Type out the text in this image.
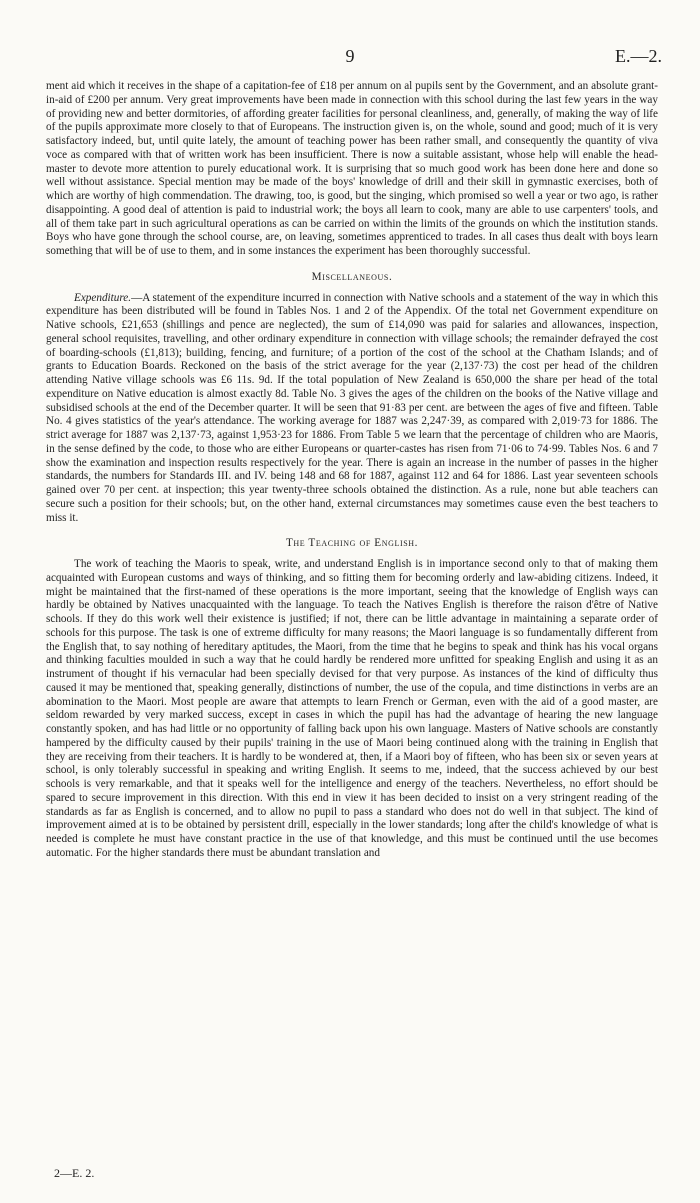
9	E.—2.

ment aid which it receives in the shape of a capitation-fee of £18 per annum on al pupils sent by the Government, and an absolute grant-in-aid of £200 per annum. Very great improvements have been made in connection with this school during the last few years in the way of providing new and better dormitories, of affording greater facilities for personal cleanliness, and, generally, of making the way of life of the pupils approximate more closely to that of Europeans. The instruction given is, on the whole, sound and good; much of it is very satisfactory indeed, but, until quite lately, the amount of teaching power has been rather small, and consequently the quantity of viva voce as compared with that of written work has been insufficient. There is now a suitable assistant, whose help will enable the head-master to devote more attention to purely educational work. It is surprising that so much good work has been done here and done so well without assistance. Special mention may be made of the boys' knowledge of drill and their skill in gymnastic exercises, both of which are worthy of high commendation. The drawing, too, is good, but the singing, which promised so well a year or two ago, is rather disappointing. A good deal of attention is paid to industrial work; the boys all learn to cook, many are able to use carpenters' tools, and all of them take part in such agricultural operations as can be carried on within the limits of the grounds on which the institution stands. Boys who have gone through the school course, are, on leaving, sometimes apprenticed to trades. In all cases thus dealt with boys learn something that will be of use to them, and in some instances the experiment has been thoroughly successful.

Miscellaneous.

Expenditure.—A statement of the expenditure incurred in connection with Native schools and a statement of the way in which this expenditure has been distributed will be found in Tables Nos. 1 and 2 of the Appendix. Of the total net Government expenditure on Native schools, £21,653 (shillings and pence are neglected), the sum of £14,090 was paid for salaries and allowances, inspection, general school requisites, travelling, and other ordinary expenditure in connection with village schools; the remainder defrayed the cost of boarding-schools (£1,813); building, fencing, and furniture; of a portion of the cost of the school at the Chatham Islands; and of grants to Education Boards. Reckoned on the basis of the strict average for the year (2,137·73) the cost per head of the children attending Native village schools was £6 11s. 9d. If the total population of New Zealand is 650,000 the share per head of the total expenditure on Native education is almost exactly 8d. Table No. 3 gives the ages of the children on the books of the Native village and subsidised schools at the end of the December quarter. It will be seen that 91·83 per cent. are between the ages of five and fifteen. Table No. 4 gives statistics of the year's attendance. The working average for 1887 was 2,247·39, as compared with 2,019·73 for 1886. The strict average for 1887 was 2,137·73, against 1,953·23 for 1886. From Table 5 we learn that the percentage of children who are Maoris, in the sense defined by the code, to those who are either Europeans or quarter-castes has risen from 71·06 to 74·99. Tables Nos. 6 and 7 show the examination and inspection results respectively for the year. There is again an increase in the number of passes in the higher standards, the numbers for Standards III. and IV. being 148 and 68 for 1887, against 112 and 64 for 1886. Last year seventeen schools gained over 70 per cent. at inspection; this year twenty-three schools obtained the distinction. As a rule, none but able teachers can secure such a position for their schools; but, on the other hand, external circumstances may sometimes cause even the best teachers to miss it.

The Teaching of English.

The work of teaching the Maoris to speak, write, and understand English is in importance second only to that of making them acquainted with European customs and ways of thinking, and so fitting them for becoming orderly and law-abiding citizens. Indeed, it might be maintained that the first-named of these operations is the more important, seeing that the knowledge of English ways can hardly be obtained by Natives unacquainted with the language. To teach the Natives English is therefore the raison d'être of Native schools. If they do this work well their existence is justified; if not, there can be little advantage in maintaining a separate order of schools for this purpose. The task is one of extreme difficulty for many reasons; the Maori language is so fundamentally different from the English that, to say nothing of hereditary aptitudes, the Maori, from the time that he begins to speak and think has his vocal organs and thinking faculties moulded in such a way that he could hardly be rendered more unfitted for speaking English and using it as an instrument of thought if his vernacular had been specially devised for that very purpose. As instances of the kind of difficulty thus caused it may be mentioned that, speaking generally, distinctions of number, the use of the copula, and time distinctions in verbs are an abomination to the Maori. Most people are aware that attempts to learn French or German, even with the aid of a good master, are seldom rewarded by very marked success, except in cases in which the pupil has had the advantage of hearing the new language constantly spoken, and has had little or no opportunity of falling back upon his own language. Masters of Native schools are constantly hampered by the difficulty caused by their pupils' training in the use of Maori being continued along with the training in English that they are receiving from their teachers. It is hardly to be wondered at, then, if a Maori boy of fifteen, who has been six or seven years at school, is only tolerably successful in speaking and writing English. It seems to me, indeed, that the success achieved by our best schools is very remarkable, and that it speaks well for the intelligence and energy of the teachers. Nevertheless, no effort should be spared to secure improvement in this direction. With this end in view it has been decided to insist on a very stringent reading of the standards as far as English is concerned, and to allow no pupil to pass a standard who does not do well in that subject. The kind of improvement aimed at is to be obtained by persistent drill, especially in the lower standards; long after the child's knowledge of what is needed is complete he must have constant practice in the use of that knowledge, and this must be continued until the use becomes automatic. For the higher standards there must be abundant translation and

2—E. 2.
